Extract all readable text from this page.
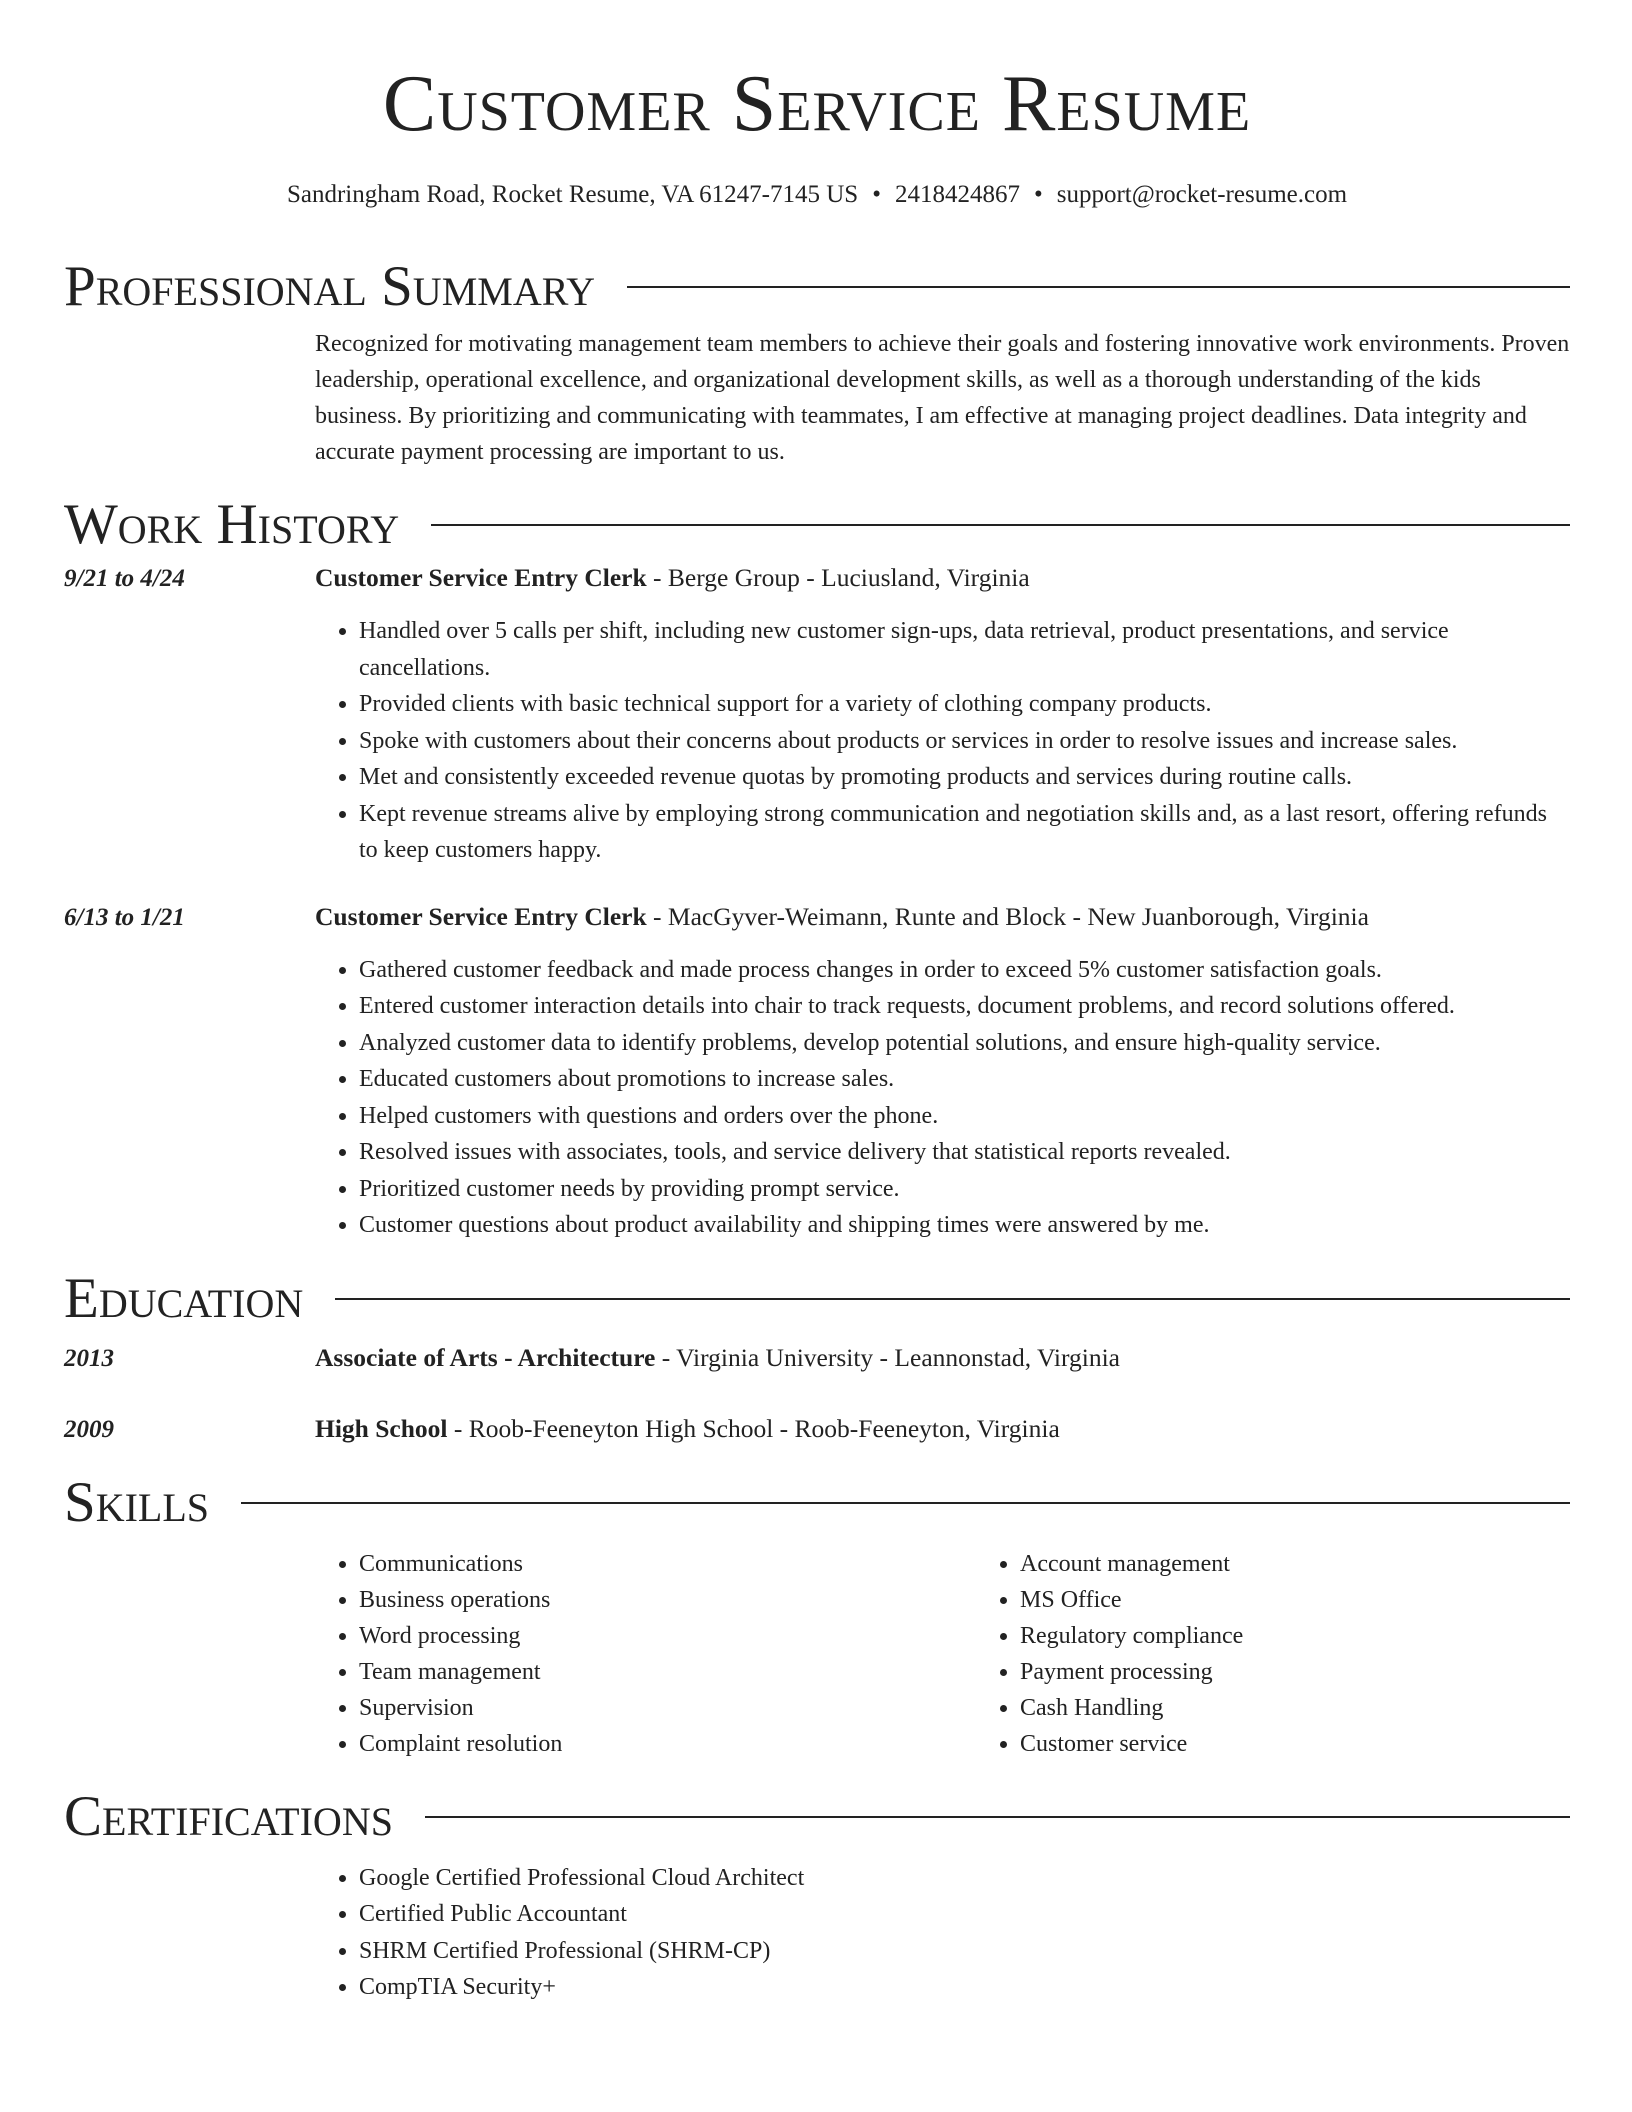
Customer Service Resume
Sandringham Road, Rocket Resume, VA 61247-7145 US • 2418424867 • support@rocket-resume.com
Professional Summary

Recognized for motivating management team members to achieve their goals and fostering innovative work environments. Proven leadership, operational excellence, and organizational development skills, as well as a thorough understanding of the kids business. By prioritizing and communicating with teammates, I am effective at managing project deadlines. Data integrity and accurate payment processing are important to us.

Work History
9/21 to 4/24	Customer Service Entry Clerk - Berge Group - Luciusland, Virginia
• Handled over 5 calls per shift, including new customer sign-ups, data retrieval, product presentations, and service cancellations.
• Provided clients with basic technical support for a variety of clothing company products.
• Spoke with customers about their concerns about products or services in order to resolve issues and increase sales.
• Met and consistently exceeded revenue quotas by promoting products and services during routine calls.
• Kept revenue streams alive by employing strong communication and negotiation skills and, as a last resort, offering refunds to keep customers happy.
6/13 to 1/21	Customer Service Entry Clerk - MacGyver-Weimann, Runte and Block - New Juanborough, Virginia
• Gathered customer feedback and made process changes in order to exceed 5% customer satisfaction goals.
• Entered customer interaction details into chair to track requests, document problems, and record solutions offered.
• Analyzed customer data to identify problems, develop potential solutions, and ensure high-quality service.
• Educated customers about promotions to increase sales.
• Helped customers with questions and orders over the phone.
• Resolved issues with associates, tools, and service delivery that statistical reports revealed.
• Prioritized customer needs by providing prompt service.
• Customer questions about product availability and shipping times were answered by me.
Education
2013	Associate of Arts - Architecture - Virginia University - Leannonstad, Virginia
2009	High School - Roob-Feeneyton High School - Roob-Feeneyton, Virginia
Skills
• Communications
• Business operations
• Word processing
• Team management
• Supervision
• Complaint resolution
• Account management
• MS Office
• Regulatory compliance
• Payment processing
• Cash Handling
• Customer service
Certifications
• Google Certified Professional Cloud Architect
• Certified Public Accountant
• SHRM Certified Professional (SHRM-CP)
• CompTIA Security+
